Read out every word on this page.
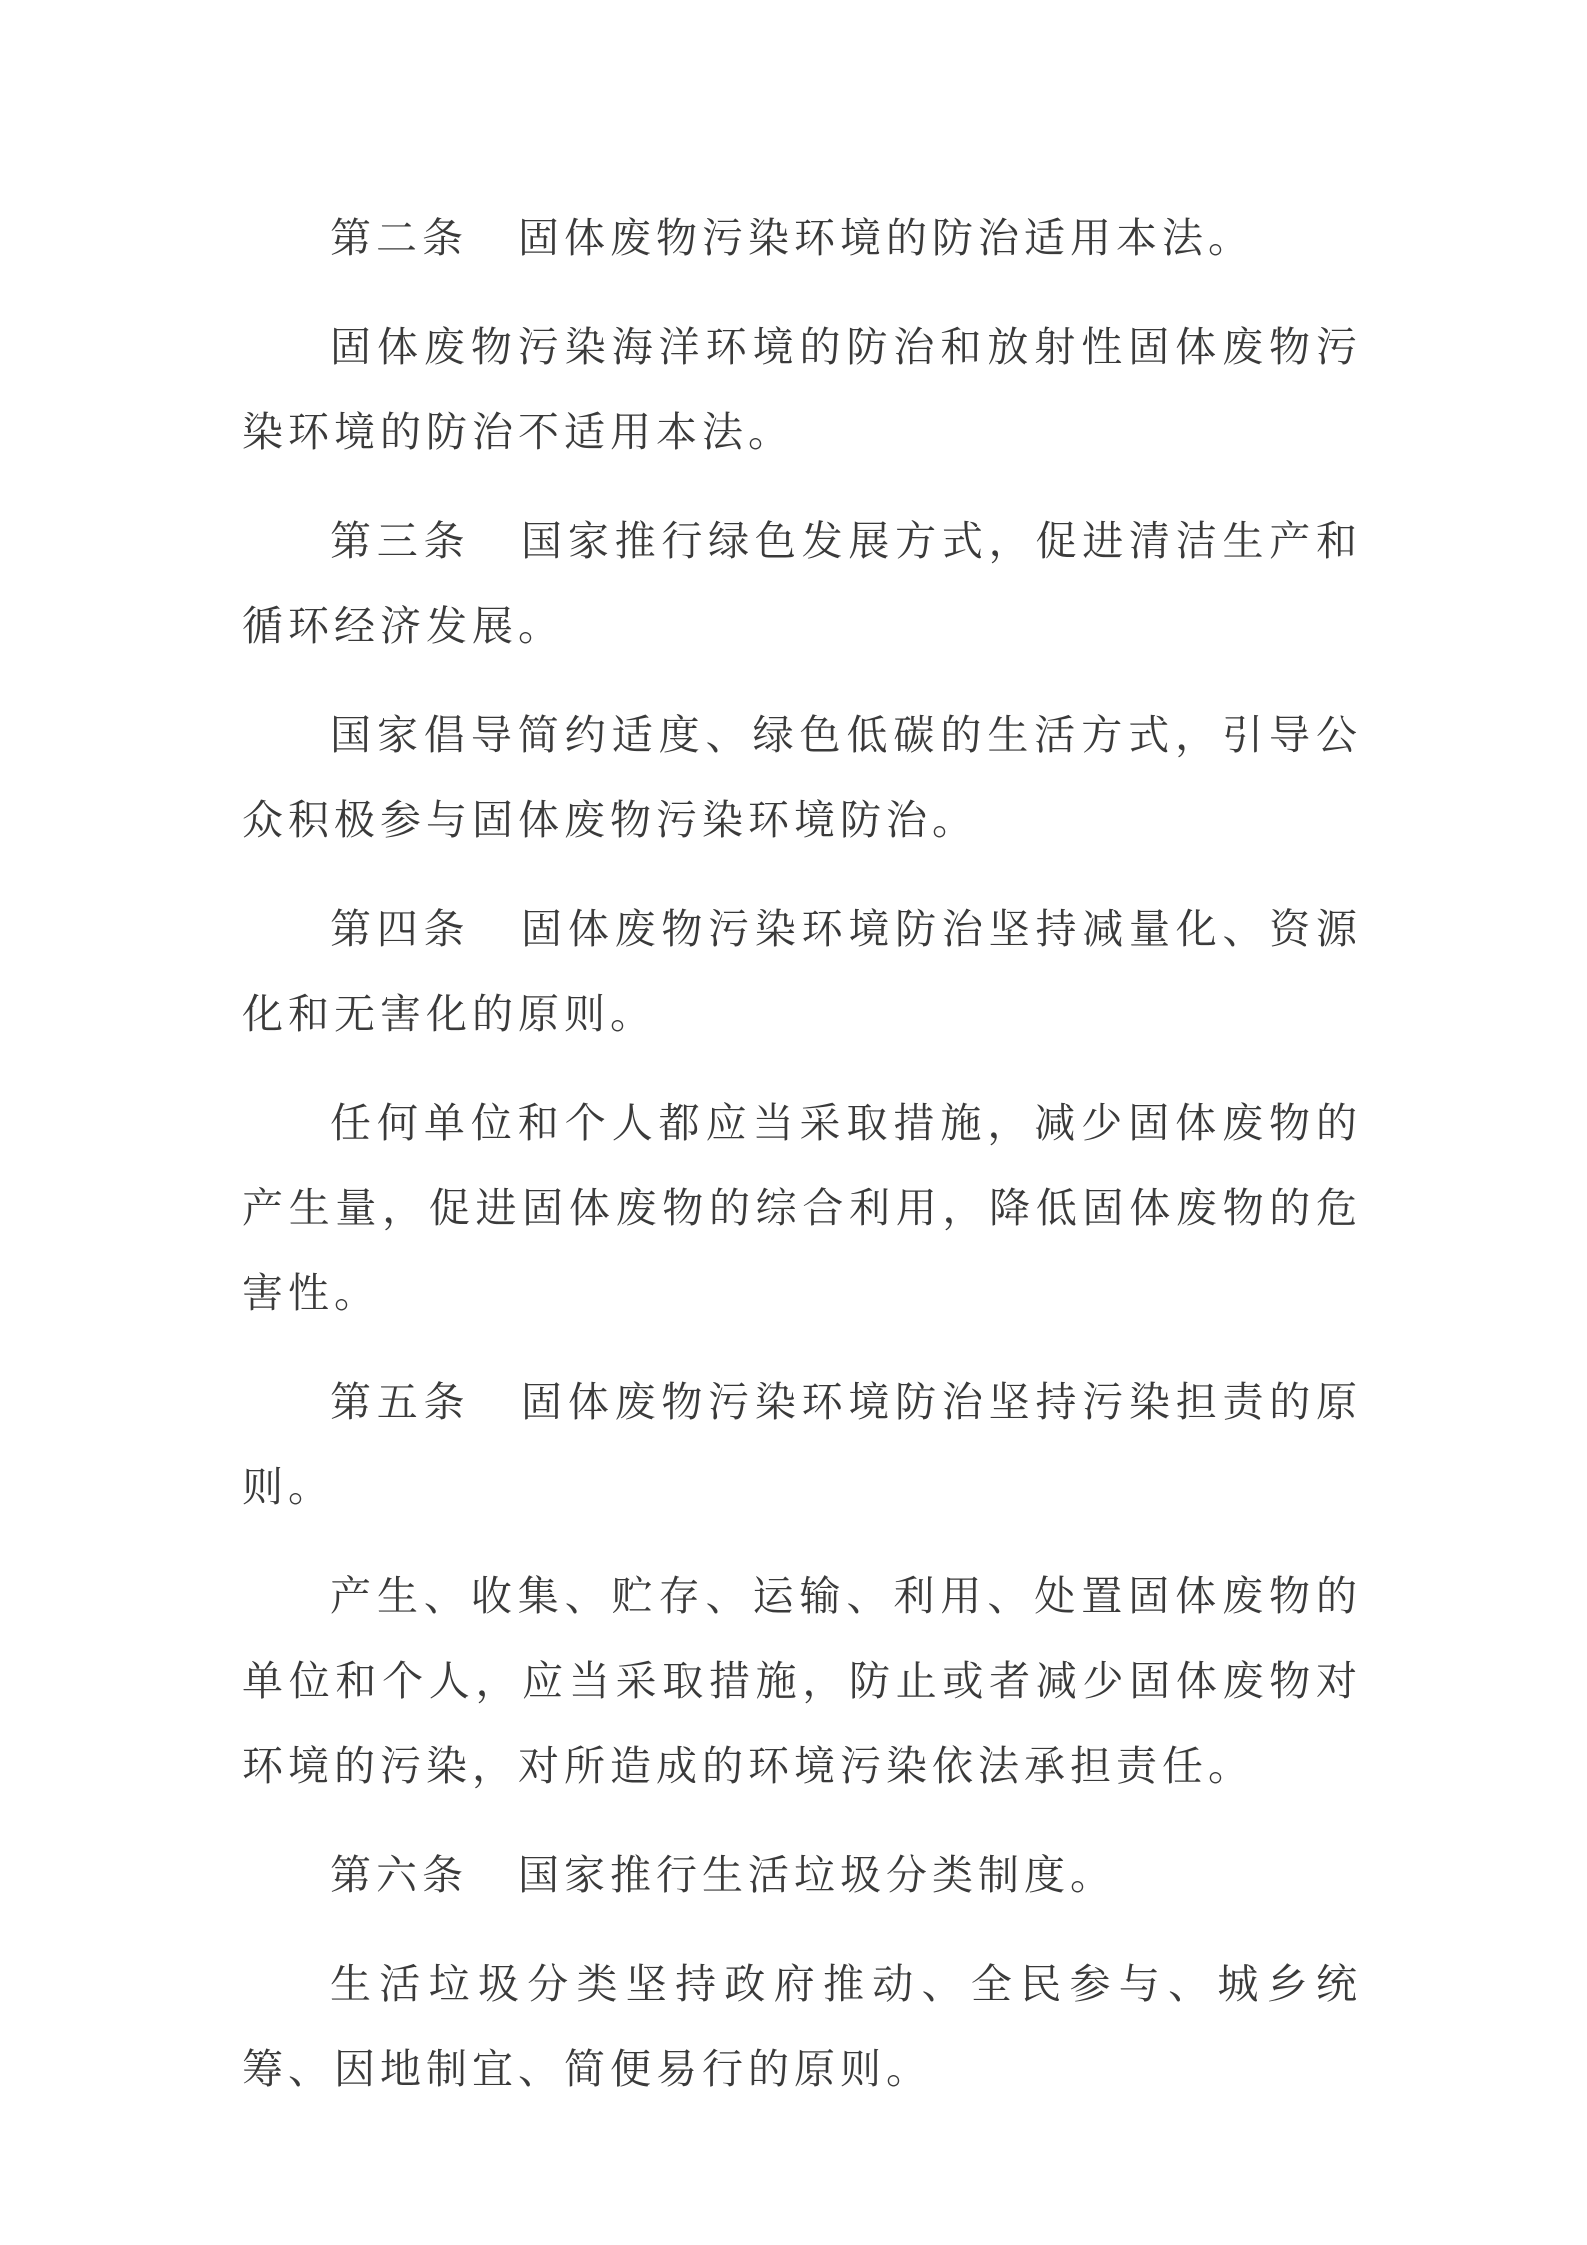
第二条 固体废物污染环境的防治适用本法。

固体废物污染海洋环境的防治和放射性固体废物污染环境的防治不适用本法。

第三条 国家推行绿色发展方式，促进清洁生产和循环经济发展。

国家倡导简约适度、绿色低碳的生活方式，引导公众积极参与固体废物污染环境防治。

第四条 固体废物污染环境防治坚持减量化、资源化和无害化的原则。

任何单位和个人都应当采取措施，减少固体废物的产生量，促进固体废物的综合利用，降低固体废物的危害性。

第五条 固体废物污染环境防治坚持污染担责的原则。

产生、收集、贮存、运输、利用、处置固体废物的单位和个人，应当采取措施，防止或者减少固体废物对环境的污染，对所造成的环境污染依法承担责任。

第六条 国家推行生活垃圾分类制度。

生活垃圾分类坚持政府推动、全民参与、城乡统筹、因地制宜、简便易行的原则。
